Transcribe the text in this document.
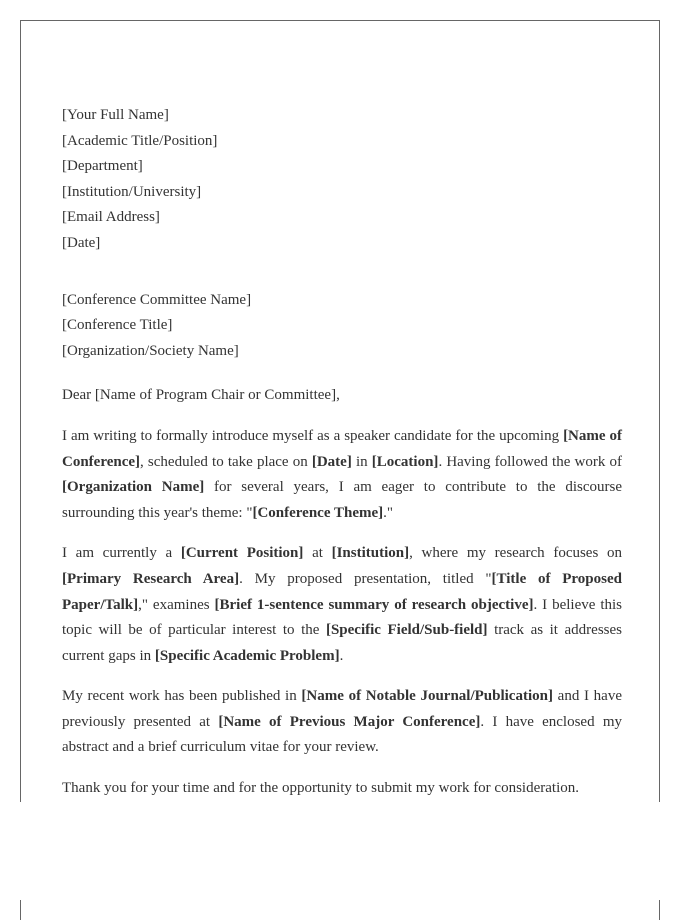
[Your Full Name]
[Academic Title/Position]
[Department]
[Institution/University]
[Email Address]
[Date]
[Conference Committee Name]
[Conference Title]
[Organization/Society Name]

Dear [Name of Program Chair or Committee],

I am writing to formally introduce myself as a speaker candidate for the upcoming [Name of Conference], scheduled to take place on [Date] in [Location]. Having followed the work of [Organization Name] for several years, I am eager to contribute to the discourse surrounding this year's theme: "[Conference Theme]."

I am currently a [Current Position] at [Institution], where my research focuses on [Primary Research Area]. My proposed presentation, titled "[Title of Proposed Paper/Talk]," examines [Brief 1-sentence summary of research objective]. I believe this topic will be of particular interest to the [Specific Field/Sub-field] track as it addresses current gaps in [Specific Academic Problem].

My recent work has been published in [Name of Notable Journal/Publication] and I have previously presented at [Name of Previous Major Conference]. I have enclosed my abstract and a brief curriculum vitae for your review.

Thank you for your time and for the opportunity to submit my work for consideration.
